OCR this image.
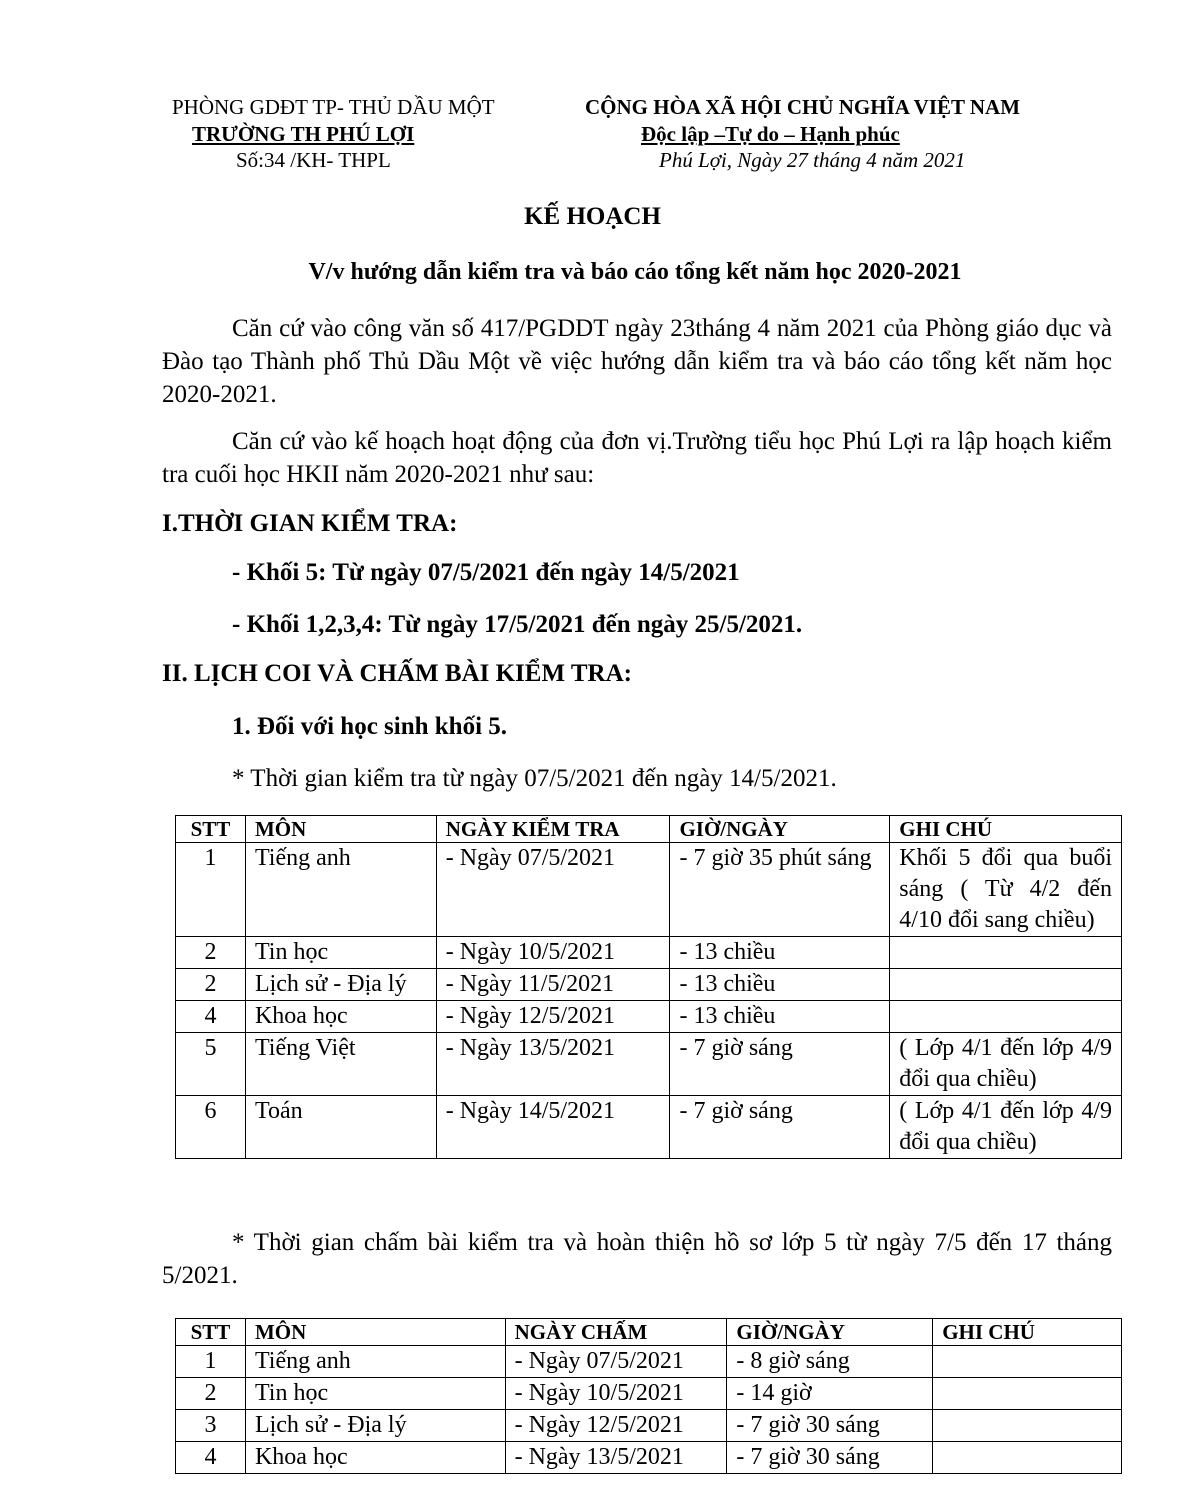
PHÒNG GDĐT TP- THỦ DẦU MỘT
TRƯỜNG TH PHÚ LỢI
Số:34 /KH- THPL
CỘNG HÒA XÃ HỘI CHỦ NGHĨA VIỆT NAM
Độc lập –Tự do – Hạnh phúc
Phú Lợi, Ngày 27 tháng 4 năm 2021
KẾ HOẠCH
V/v hướng dẫn kiểm tra và báo cáo tổng kết năm học 2020-2021
Căn cứ vào công văn số 417/PGDDT ngày 23tháng 4 năm 2021 của Phòng giáo dục và Đào tạo Thành phố Thủ Dầu Một về việc hướng dẫn kiểm tra và báo cáo tổng kết năm học 2020-2021.
Căn cứ vào kế hoạch hoạt động của đơn vị.Trường tiểu học Phú Lợi ra lập hoạch kiểm tra cuối học HKII năm 2020-2021 như sau:
I.THỜI GIAN KIỂM TRA:
- Khối 5: Từ ngày 07/5/2021 đến ngày 14/5/2021
- Khối 1,2,3,4: Từ ngày 17/5/2021 đến ngày 25/5/2021.
II. LỊCH COI VÀ CHẤM BÀI KIỂM TRA:
1. Đối với học sinh khối 5.
* Thời gian kiểm tra từ ngày 07/5/2021 đến ngày 14/5/2021.
STT	MÔN	NGÀY KIỂM TRA	GIỜ/NGÀY	GHI CHÚ
1	Tiếng anh	- Ngày 07/5/2021	- 7 giờ 35 phút sáng	Khối 5 đổi qua buổi sáng ( Từ 4/2 đến 4/10 đổi sang chiều)
2	Tin học	- Ngày 10/5/2021	- 13 chiều	
2	Lịch sử - Địa lý	- Ngày 11/5/2021	- 13 chiều	
4	Khoa học	- Ngày 12/5/2021	- 13 chiều	
5	Tiếng Việt	- Ngày 13/5/2021	- 7 giờ sáng	( Lớp 4/1 đến lớp 4/9 đổi qua chiều)
6	Toán	- Ngày 14/5/2021	- 7 giờ sáng	( Lớp 4/1 đến lớp 4/9 đổi qua chiều)
* Thời gian chấm bài kiểm tra và hoàn thiện hồ sơ lớp 5 từ ngày 7/5 đến 17 tháng 5/2021.
STT	MÔN	NGÀY CHẤM	GIỜ/NGÀY	GHI CHÚ
1	Tiếng anh	- Ngày 07/5/2021	- 8 giờ sáng	
2	Tin học	- Ngày 10/5/2021	- 14 giờ	
3	Lịch sử - Địa lý	- Ngày 12/5/2021	- 7 giờ 30 sáng	
4	Khoa học	- Ngày 13/5/2021	- 7 giờ 30 sáng	
